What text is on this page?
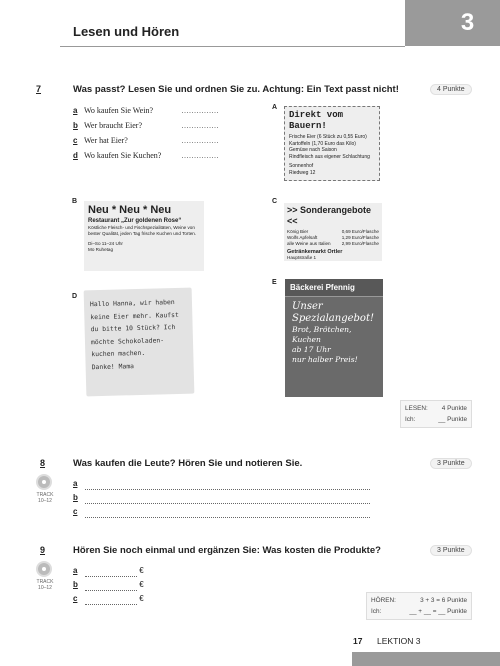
Lesen und Hören	3
7	Was passt? Lesen Sie und ordnen Sie zu. Achtung: Ein Text passt nicht!	4 Punkte
a Wo kaufen Sie Wein?	……………
b Wer braucht Eier?	……………
c Wer hat Eier?	……………
d Wo kaufen Sie Kuchen?	……………
A
Direkt vom Bauern!
Frische Eier (6 Stück zu 0,55 Euro)
Kartoffeln (1,70 Euro das Kilo)
Gemüse nach Saison
Rindfleisch aus eigener Schlachtung
Sonnenhof
Riedweg 12
B
Neu * Neu * Neu
Restaurant „Zur goldenen Rose“
Köstliche Fleisch- und Fischspezialitäten, Weine von bester Qualität, jeden Tag frische Kuchen und Torten.
Di–So 11–24 Uhr
Mo Ruhetag
C
>> Sonderangebote <<
König Bier	0,69 Euro/Flasche
Wolfs Apfelsaft	1,29 Euro/Flasche
alle Weine aus Italien 2,99 Euro/Flasche
Getränkemarkt Ortler
Hauptstraße 1
D
Hallo Hanna, wir haben
keine Eier mehr. Kaufst
du bitte 10 Stück? Ich
möchte Schokoladen-
kuchen machen.
Danke! Mama
E
Bäckerei Pfennig
Unser
Spezialangebot!
Brot, Brötchen,
Kuchen
ab 17 Uhr
nur halber Preis!
LESEN: 4 Punkte
Ich:	__ Punkte
8
TRACK
10–12
Was kaufen die Leute? Hören Sie und notieren Sie.	3 Punkte
a
b
c
9
TRACK
10–12
Hören Sie noch einmal und ergänzen Sie: Was kosten die Produkte?	3 Punkte
a	€
b	€
c	€	HÖREN:	3 + 3 = 6 Punkte
Ich:	__ + __ = __ Punkte
17 LEKTION 3
